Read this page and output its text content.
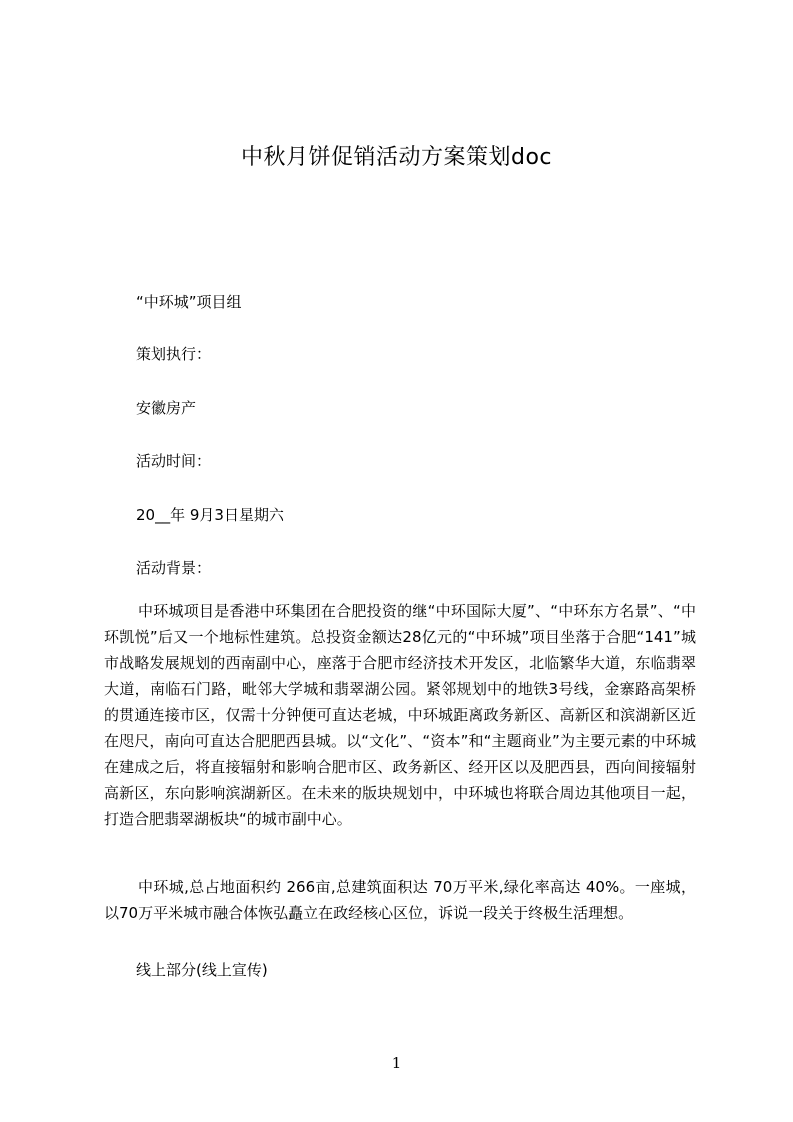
中秋月饼促销活动方案策划doc
“中环城”项目组
策划执行：
安徽房产
活动时间：
20__年 9月3日星期六
活动背景：
中环城项目是香港中环集团在合肥投资的继“中环国际大厦”、“中环东方名景”、“中环凯悦”后又一个地标性建筑。总投资金额达28亿元的“中环城”项目坐落于合肥“141”城市战略发展规划的西南副中心，座落于合肥市经济技术开发区，北临繁华大道，东临翡翠大道，南临石门路，毗邻大学城和翡翠湖公园。紧邻规划中的地铁3号线，金寨路高架桥的贯通连接市区，仅需十分钟便可直达老城，中环城距离政务新区、高新区和滨湖新区近在咫尺，南向可直达合肥肥西县城。以“文化”、“资本”和“主题商业”为主要元素的中环城在建成之后，将直接辐射和影响合肥市区、政务新区、经开区以及肥西县，西向间接辐射高新区，东向影响滨湖新区。在未来的版块规划中，中环城也将联合周边其他项目一起，打造合肥翡翠湖板块“的城市副中心。
中环城,总占地面积约 266亩,总建筑面积达 70万平米,绿化率高达 40%。一座城，以70万平米城市融合体恢弘矗立在政经核心区位，诉说一段关于终极生活理想。
线上部分(线上宣传)
1
